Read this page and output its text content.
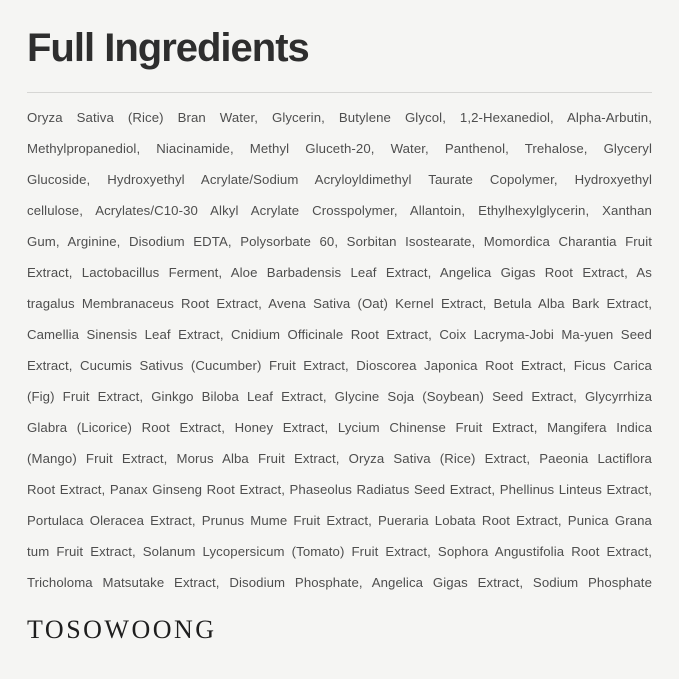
Full Ingredients
Oryza Sativa (Rice) Bran Water, Glycerin, Butylene Glycol, 1,2-Hexanediol, Alpha-Arbutin,
Methylpropanediol, Niacinamide, Methyl Gluceth-20, Water, Panthenol, Trehalose, Glyceryl
Glucoside, Hydroxyethyl Acrylate/Sodium Acryloyldimethyl Taurate Copolymer, Hydroxyethyl
cellulose, Acrylates/C10-30 Alkyl Acrylate Crosspolymer, Allantoin, Ethylhexylglycerin, Xanthan
Gum, Arginine, Disodium EDTA, Polysorbate 60, Sorbitan Isostearate, Momordica Charantia Fruit
Extract, Lactobacillus Ferment, Aloe Barbadensis Leaf Extract, Angelica Gigas Root Extract, As
tragalus Membranaceus Root Extract, Avena Sativa (Oat) Kernel Extract, Betula Alba Bark Extract,
Camellia Sinensis Leaf Extract, Cnidium Officinale Root Extract, Coix Lacryma-Jobi Ma-yuen Seed
Extract, Cucumis Sativus (Cucumber) Fruit Extract, Dioscorea Japonica Root Extract, Ficus Carica
(Fig) Fruit Extract, Ginkgo Biloba Leaf Extract, Glycine Soja (Soybean) Seed Extract, Glycyrrhiza
Glabra (Licorice) Root Extract, Honey Extract, Lycium Chinense Fruit Extract, Mangifera Indica
(Mango) Fruit Extract, Morus Alba Fruit Extract, Oryza Sativa (Rice) Extract, Paeonia Lactiflora
Root Extract, Panax Ginseng Root Extract, Phaseolus Radiatus Seed Extract, Phellinus Linteus Extract,
Portulaca Oleracea Extract, Prunus Mume Fruit Extract, Pueraria Lobata Root Extract, Punica Grana
tum Fruit Extract, Solanum Lycopersicum (Tomato) Fruit Extract, Sophora Angustifolia Root Extract,
Tricholoma Matsutake Extract, Disodium Phosphate, Angelica Gigas Extract, Sodium Phosphate
TOSOWOONG
